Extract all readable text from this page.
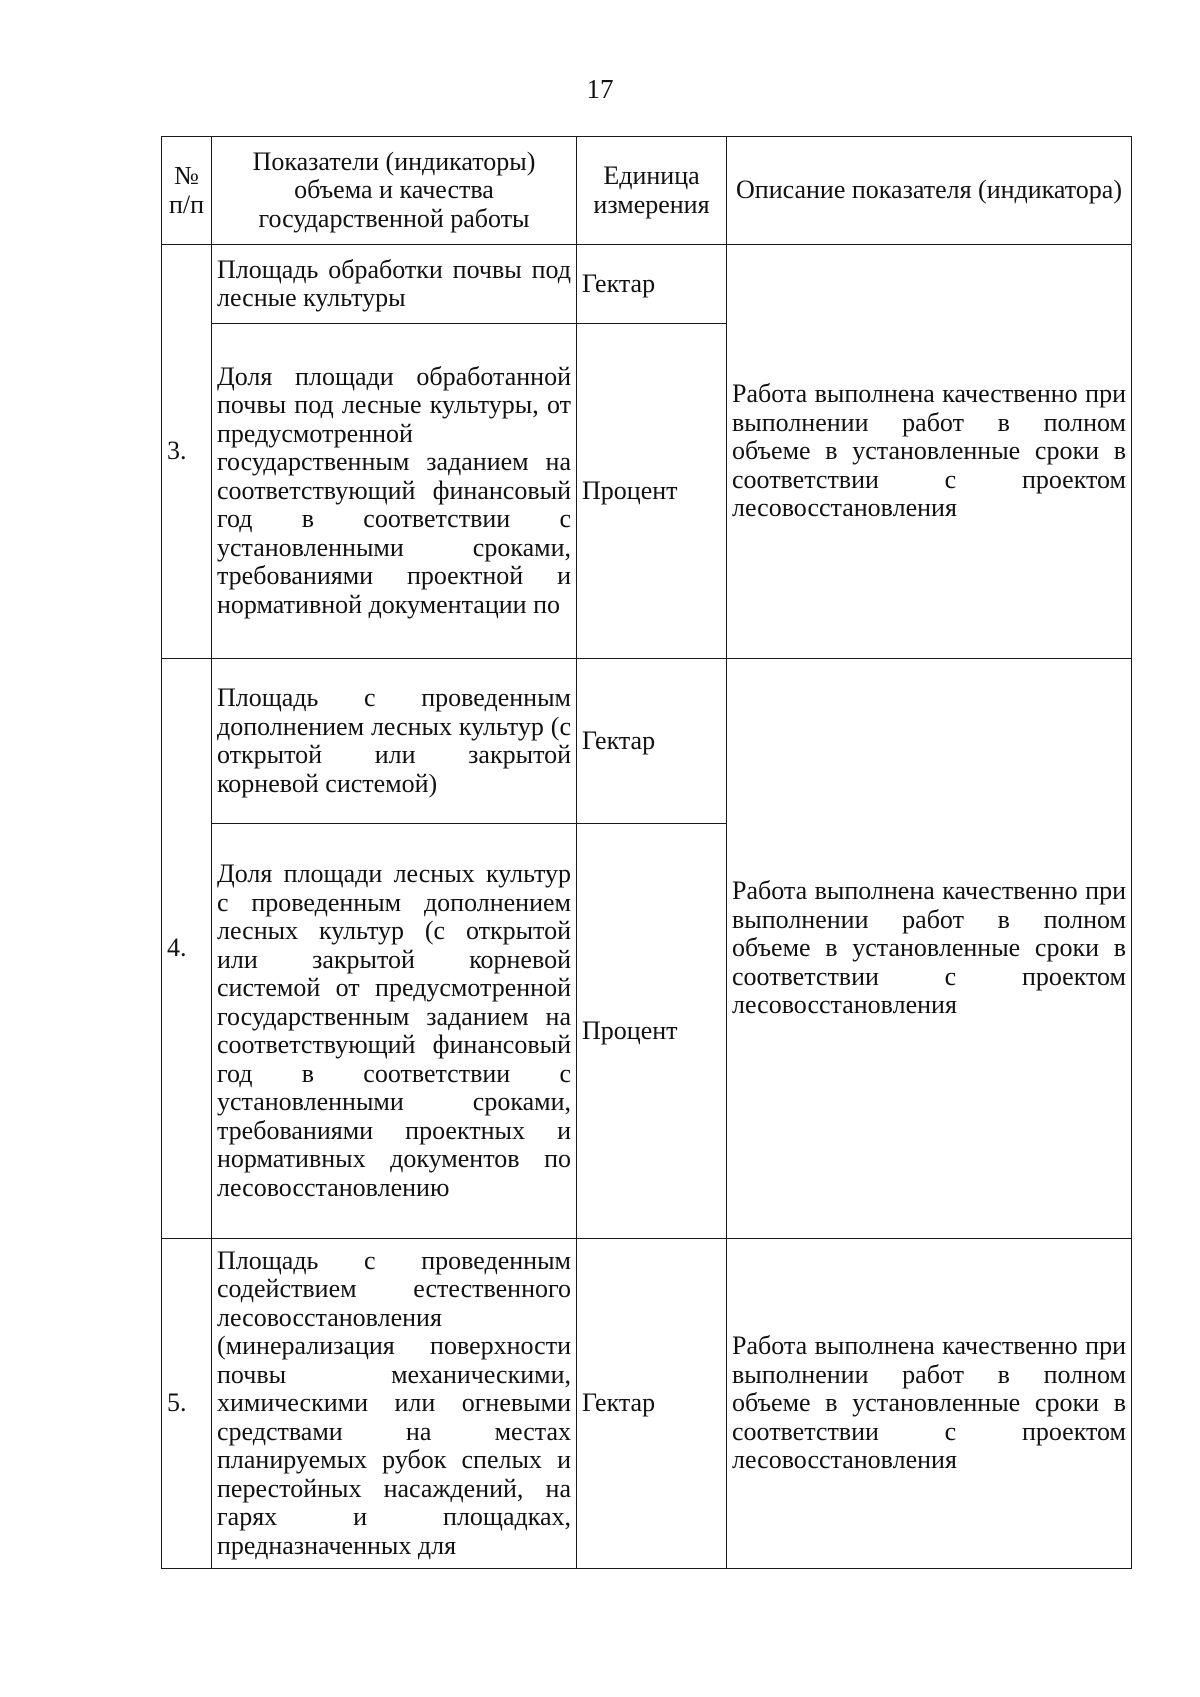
17
№ п/п	Показатели (индикаторы) объема и качества государственной работы	Единица измерения	Описание показателя (индикатора)
3.	Площадь обработки почвы под лесные культуры	Гектар	Работа выполнена качественно при выполнении работ в полном объеме в установленные сроки в соответствии с проектом лесовосстановления
	Доля площади обработанной почвы под лесные культуры, от предусмотренной государственным заданием на соответствующий финансовый год в соответствии с установленными сроками, требованиями проектной и нормативной документации по	Процент	
4.	Площадь с проведенным дополнением лесных культур (с открытой или закрытой корневой системой)	Гектар	Работа выполнена качественно при выполнении работ в полном объеме в установленные сроки в соответствии с проектом лесовосстановления
	Доля площади лесных культур с проведенным дополнением лесных культур (с открытой или закрытой корневой системой от предусмотренной государственным заданием на соответствующий финансовый год в соответствии с установленными сроками, требованиями проектных и нормативных документов по лесовосстановлению	Процент	
5.	Площадь с проведенным содействием естественного лесовосстановления (минерализация поверхности почвы механическими, химическими или огневыми средствами на местах планируемых рубок спелых и перестойных насаждений, на гарях и площадках, предназначенных для	Гектар	Работа выполнена качественно при выполнении работ в полном объеме в установленные сроки в соответствии с проектом лесовосстановления
